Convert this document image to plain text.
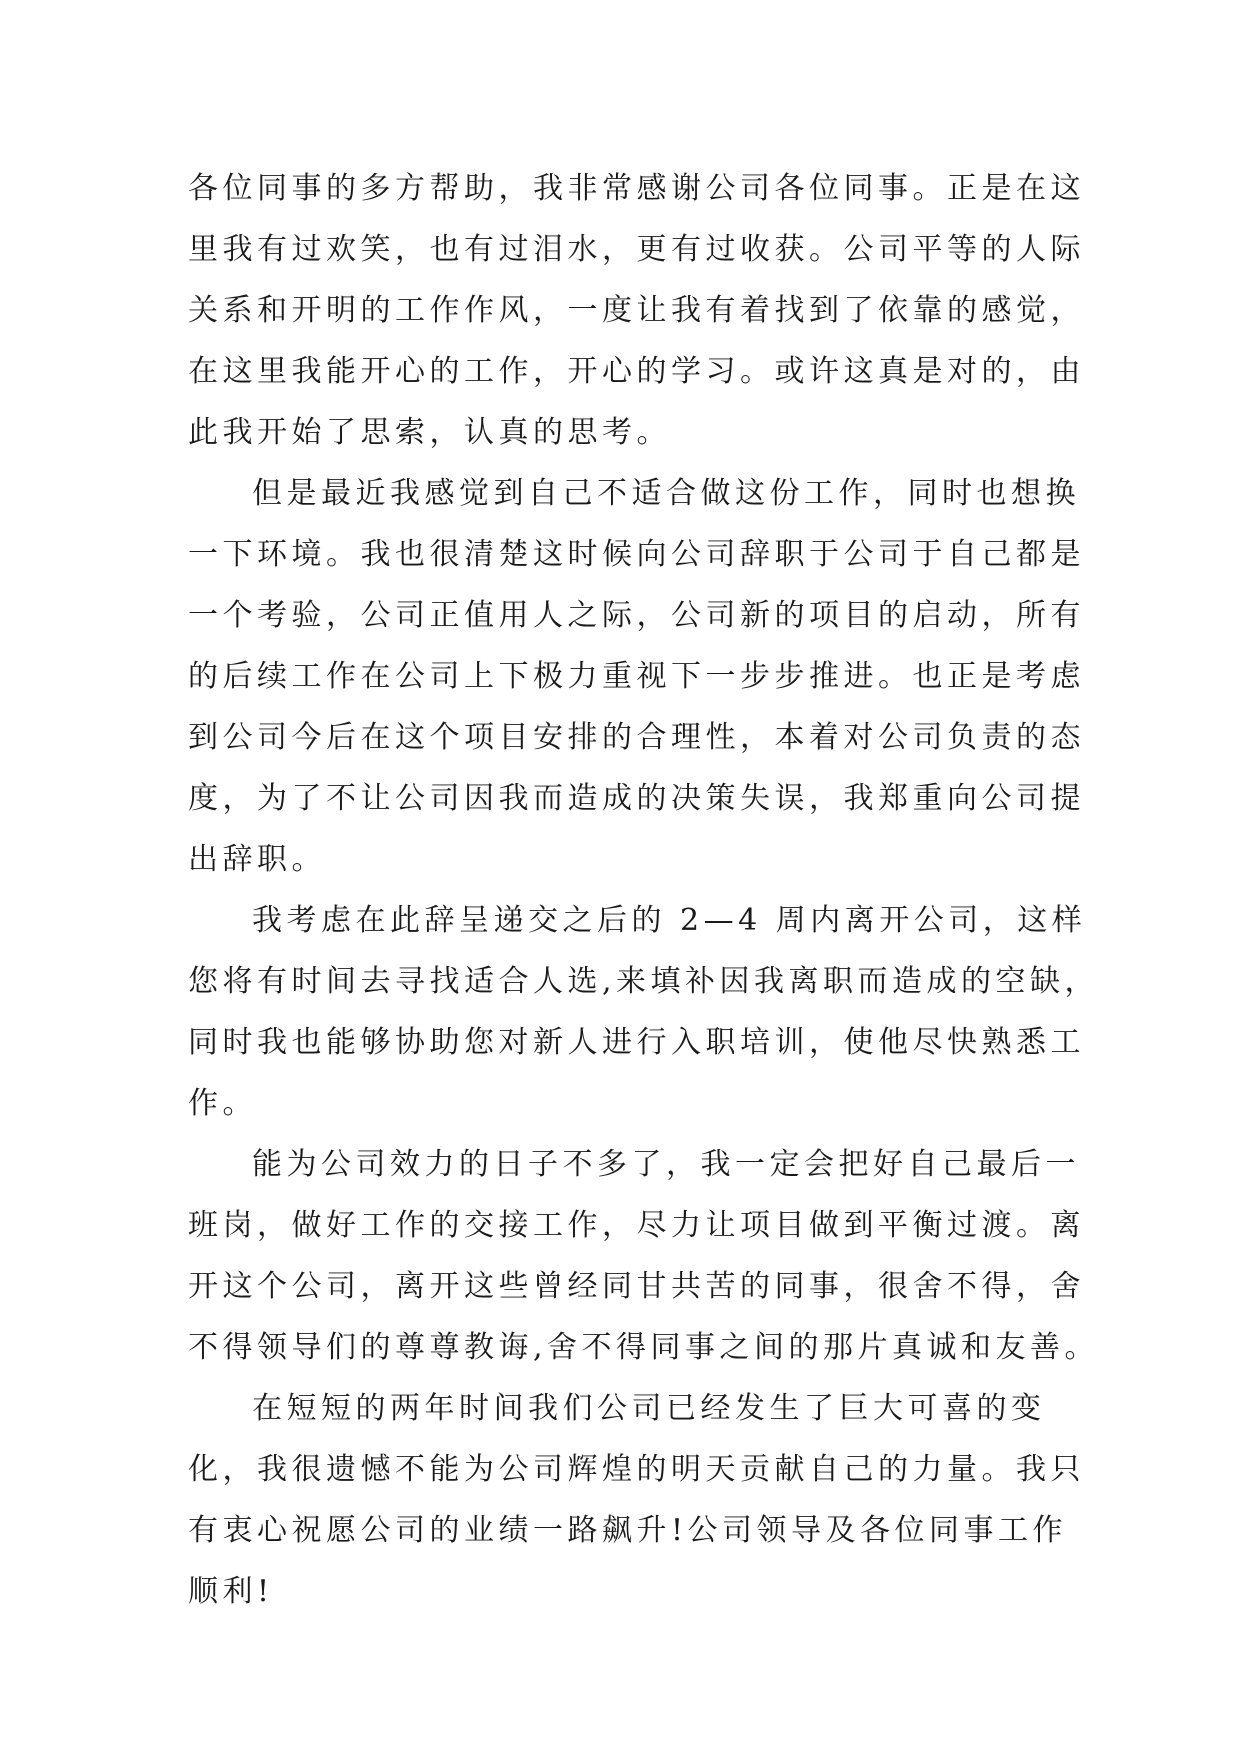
各位同事的多方帮助，我非常感谢公司各位同事。正是在这
里我有过欢笑，也有过泪水，更有过收获。公司平等的人际
关系和开明的工作作风，一度让我有着找到了依靠的感觉，
在这里我能开心的工作，开心的学习。或许这真是对的，由
此我开始了思索，认真的思考。
但是最近我感觉到自己不适合做这份工作，同时也想换
一下环境。我也很清楚这时候向公司辞职于公司于自己都是
一个考验，公司正值用人之际，公司新的项目的启动，所有
的后续工作在公司上下极力重视下一步步推进。也正是考虑
到公司今后在这个项目安排的合理性，本着对公司负责的态
度，为了不让公司因我而造成的决策失误，我郑重向公司提
出辞职。
我考虑在此辞呈递交之后的 2—4 周内离开公司，这样
您将有时间去寻找适合人选,来填补因我离职而造成的空缺，
同时我也能够协助您对新人进行入职培训，使他尽快熟悉工
作。
能为公司效力的日子不多了，我一定会把好自己最后一
班岗，做好工作的交接工作，尽力让项目做到平衡过渡。离
开这个公司，离开这些曾经同甘共苦的同事，很舍不得，舍
不得领导们的尊尊教诲,舍不得同事之间的那片真诚和友善。
在短短的两年时间我们公司已经发生了巨大可喜的变
化，我很遗憾不能为公司辉煌的明天贡献自己的力量。我只
有衷心祝愿公司的业绩一路飙升!公司领导及各位同事工作
顺利!
